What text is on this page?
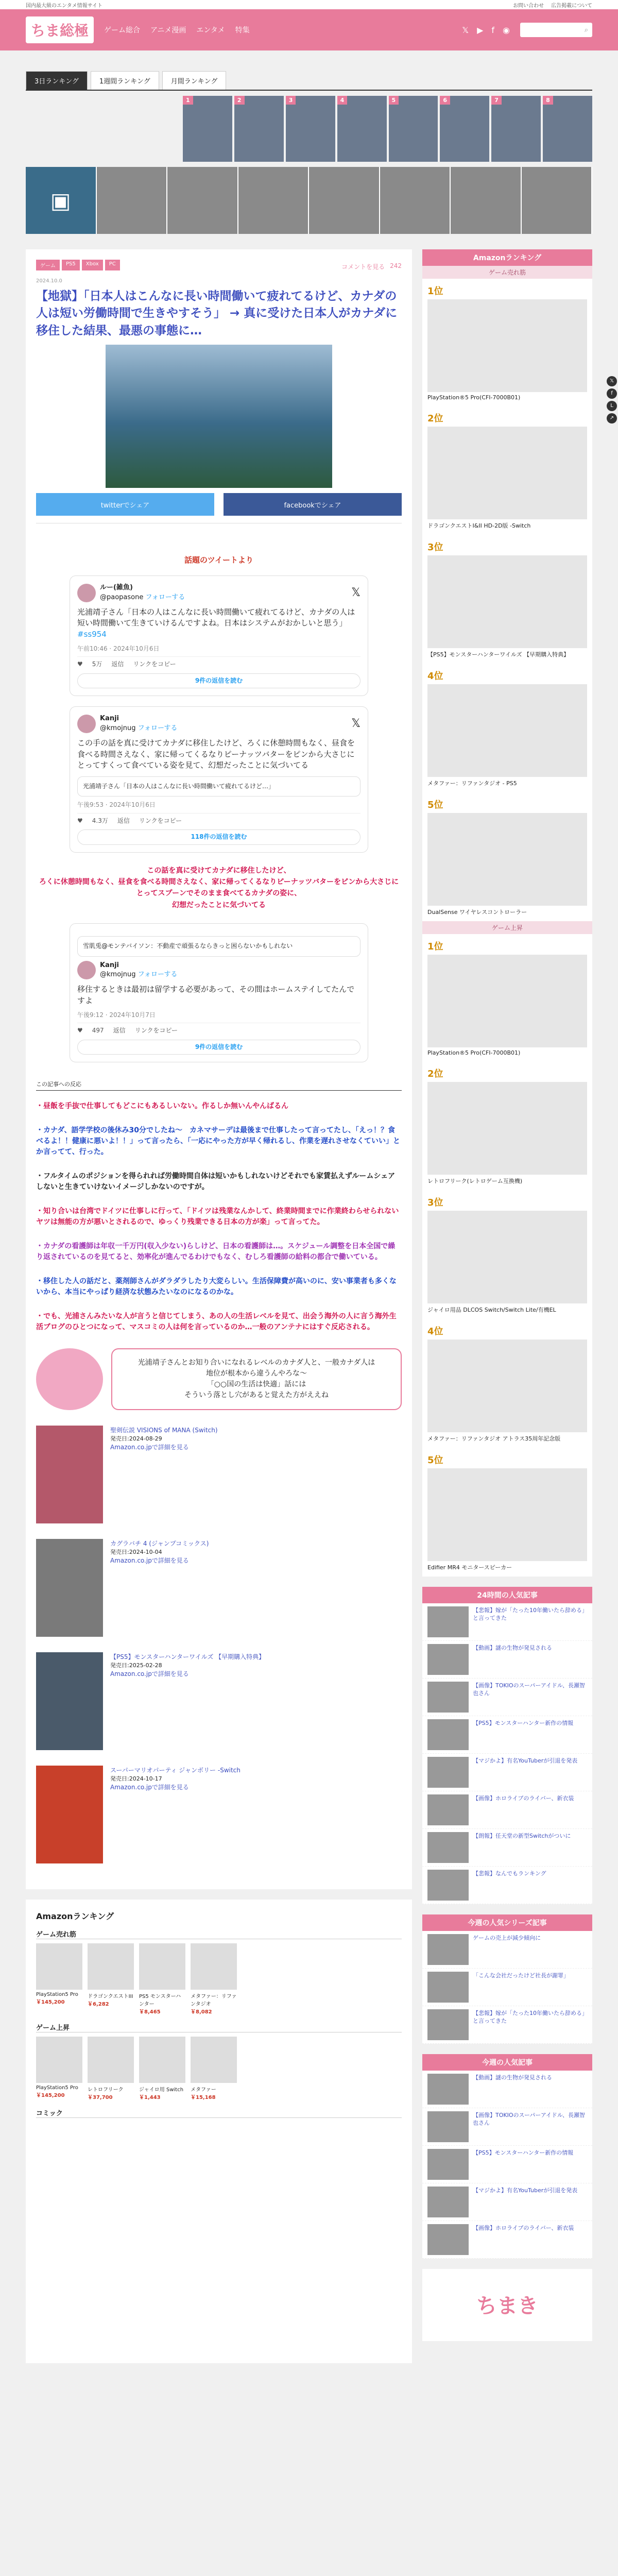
国内最大級のエンタメ情報サイト	お問い合わせ 広告掲載について
ちま総極	ゲーム総合 アニメ漫画 エンタメ 特集	𝕏 ▶ f ◉	⌕
3日ランキング	1週間ランキング	月間ランキング
1	2	3	4	5	6	7	8
▣
ゲーム	PS5	Xbox	PC	コメントを見る 242
2024.10.0
【地獄】「日本人はこんなに長い時間働いて疲れてるけど、カナダの人は短い労働時間で生きやすそう」 → 真に受けた日本人がカナダに移住した結果、最悪の事態に…
twitterでシェア	facebookでシェア
話題のツイートより
ルー(雑魚)
@paopasone フォローする	𝕏
光浦靖子さん「日本の人はこんなに長い時間働いて疲れてるけど、カナダの人は短い時間働いて生きていけるんですよね。日本はシステムがおかしいと思う」
#ss954
午前10:46 · 2024年10月6日
♥ 5万 返信 リンクをコピー
9件の返信を読む
Kanji
@kmojnug フォローする	𝕏
この手の話を真に受けてカナダに移住したけど、ろくに休憩時間もなく、昼食を食べる時間さえなく、家に帰ってくるなりピーナッツバターをピンから大さじにとってすくって食べている姿を見て、幻想だったことに気づいてる
光浦靖子さん「日本の人はこんなに長い時間働いて疲れてるけど…」
午後9:53 · 2024年10月6日
♥ 4.3万 返信 リンクをコピー
118件の返信を読む
この話を真に受けてカナダに移住したけど、
ろくに休憩時間もなく、昼食を食べる時間さえなく、家に帰ってくるなりピーナッツバターをピンから大さじにとってスプーンでそのまま食べてるカナダの姿に、
幻想だったことに気づいてる
雪肌兎@モンテバイソン：不動産で頑張るならきっと困らないかもしれない
Kanji
@kmojnug フォローする
移住するときは最初は留学する必要があって、その間はホームステイしてたんですよ
午後9:12 · 2024年10月7日
♥ 497 返信 リンクをコピー
9件の返信を読む
この記事への反応

・昼飯を手抜で仕事してもどこにもあるしいない。作るしか無いんやんばるん

・カナダ、語学学校の後休み30分でしたね〜　カネマサーデは最後まで仕事したって言ってたし、「えっ！？食べるよ！！健康に悪いよ！！」って言ったら、「一応にやった方が早く帰れるし、作業を遅れさせなくていい」とか言ってて、行った。

・フルタイムのポジションを得られれば労働時間自体は短いかもしれないけどそれでも家賃払えずルームシェアしないと生きていけないイメージしかないのですが。

・知り合いは台湾でドイツに仕事しに行って、「ドイツは残業なんかして、終業時間までに作業終わらせられないヤツは無能の方が悪いとされるので、ゆっくり残業できる日本の方が楽」って言ってた。

・カナダの看護師は年収一千万円(収入少ない)らしけど、日本の看護師は…。スケジュール調整を日本全国で繰り返されているのを見てると、効率化が進んでるわけでもなく、むしろ看護師の給料の都合で働いている。

・移住した人の話だと、薬剤師さんがダラダラしたり大変らしい。生活保障費が高いのに、安い事業者も多くないから、本当にやっぱり経済な状態みたいなのになるのかな。

・でも、光浦さんみたいな人が言うと信じてしまう、あの人の生活レベルを見て、出会う海外の人に言う海外生活ブログのひとつになって、マスコミの人は何を言っているのか…一般のアンテナにはすぐ反応される。

光浦靖子さんとお知り合いになれるレベルのカナダ人と、一般カナダ人は
地位が根本から違うんやろな〜
「○○国の生活は快適」話には
そういう落とし穴があると覚えた方がええね
聖剣伝説 VISIONS of MANA (Switch)

発売日:2024-08-29

Amazon.co.jpで詳細を見る
カグラバチ 4 (ジャンプコミックス)

発売日:2024-10-04

Amazon.co.jpで詳細を見る
【PS5】モンスターハンターワイルズ 【早期購入特典】

発売日:2025-02-28

Amazon.co.jpで詳細を見る
スーパーマリオパーティ ジャンボリー -Switch

発売日:2024-10-17

Amazon.co.jpで詳細を見る
Amazonランキング
ゲーム売れ筋
PlayStation5 Pro
￥145,200
ドラゴンクエストIII
￥6,282
PS5 モンスターハンター
￥8,465
メタファー：リファンタジオ
￥8,082
ゲーム上昇
PlayStation5 Pro
￥145,200
レトロフリーク
￥37,700
ジャイロ用 Switch
￥1,443
メタファー
￥15,168
コミック
Amazonランキング
ゲーム売れ筋
1位
PlayStation®5 Pro(CFI-7000B01)
2位
ドラゴンクエストI&II HD-2D版 -Switch
3位
【PS5】モンスターハンターワイルズ 【早期購入特典】
4位
メタファー：リファンタジオ - PS5
5位
DualSense ワイヤレスコントローラー
ゲーム上昇
1位
PlayStation®5 Pro(CFI-7000B01)
2位
レトロフリーク(レトロゲーム互換機)
3位
ジャイロ用品 DLCOS Switch/Switch Lite/有機EL
4位
メタファー：リファンタジオ アトラス35周年記念版
5位
Edifier MR4 モニタースピーカー
24時間の人気記事
【悲報】嫁が「たった10年働いたら辞める」と言ってきた
【動画】謎の生物が発見される
【画像】TOKIOのスーパーアイドル、長瀬智也さん
【PS5】モンスターハンター新作の情報
【マジかよ】有名YouTuberが引退を発表
【画像】ホロライブのライバー、新衣装
【朗報】任天堂の新型Switchがついに
【悲報】なんでもランキング
今週の人気シリーズ記事
ゲームの売上が減少傾向に
「こんな会社だったけど社長が謝罪」
【悲報】嫁が「たった10年働いたら辞める」と言ってきた
今週の人気記事
【動画】謎の生物が発見される
【画像】TOKIOのスーパーアイドル、長瀬智也さん
【PS5】モンスターハンター新作の情報
【マジかよ】有名YouTuberが引退を発表
【画像】ホロライブのライバー、新衣装
ちまき
𝕏
f
L
↗
